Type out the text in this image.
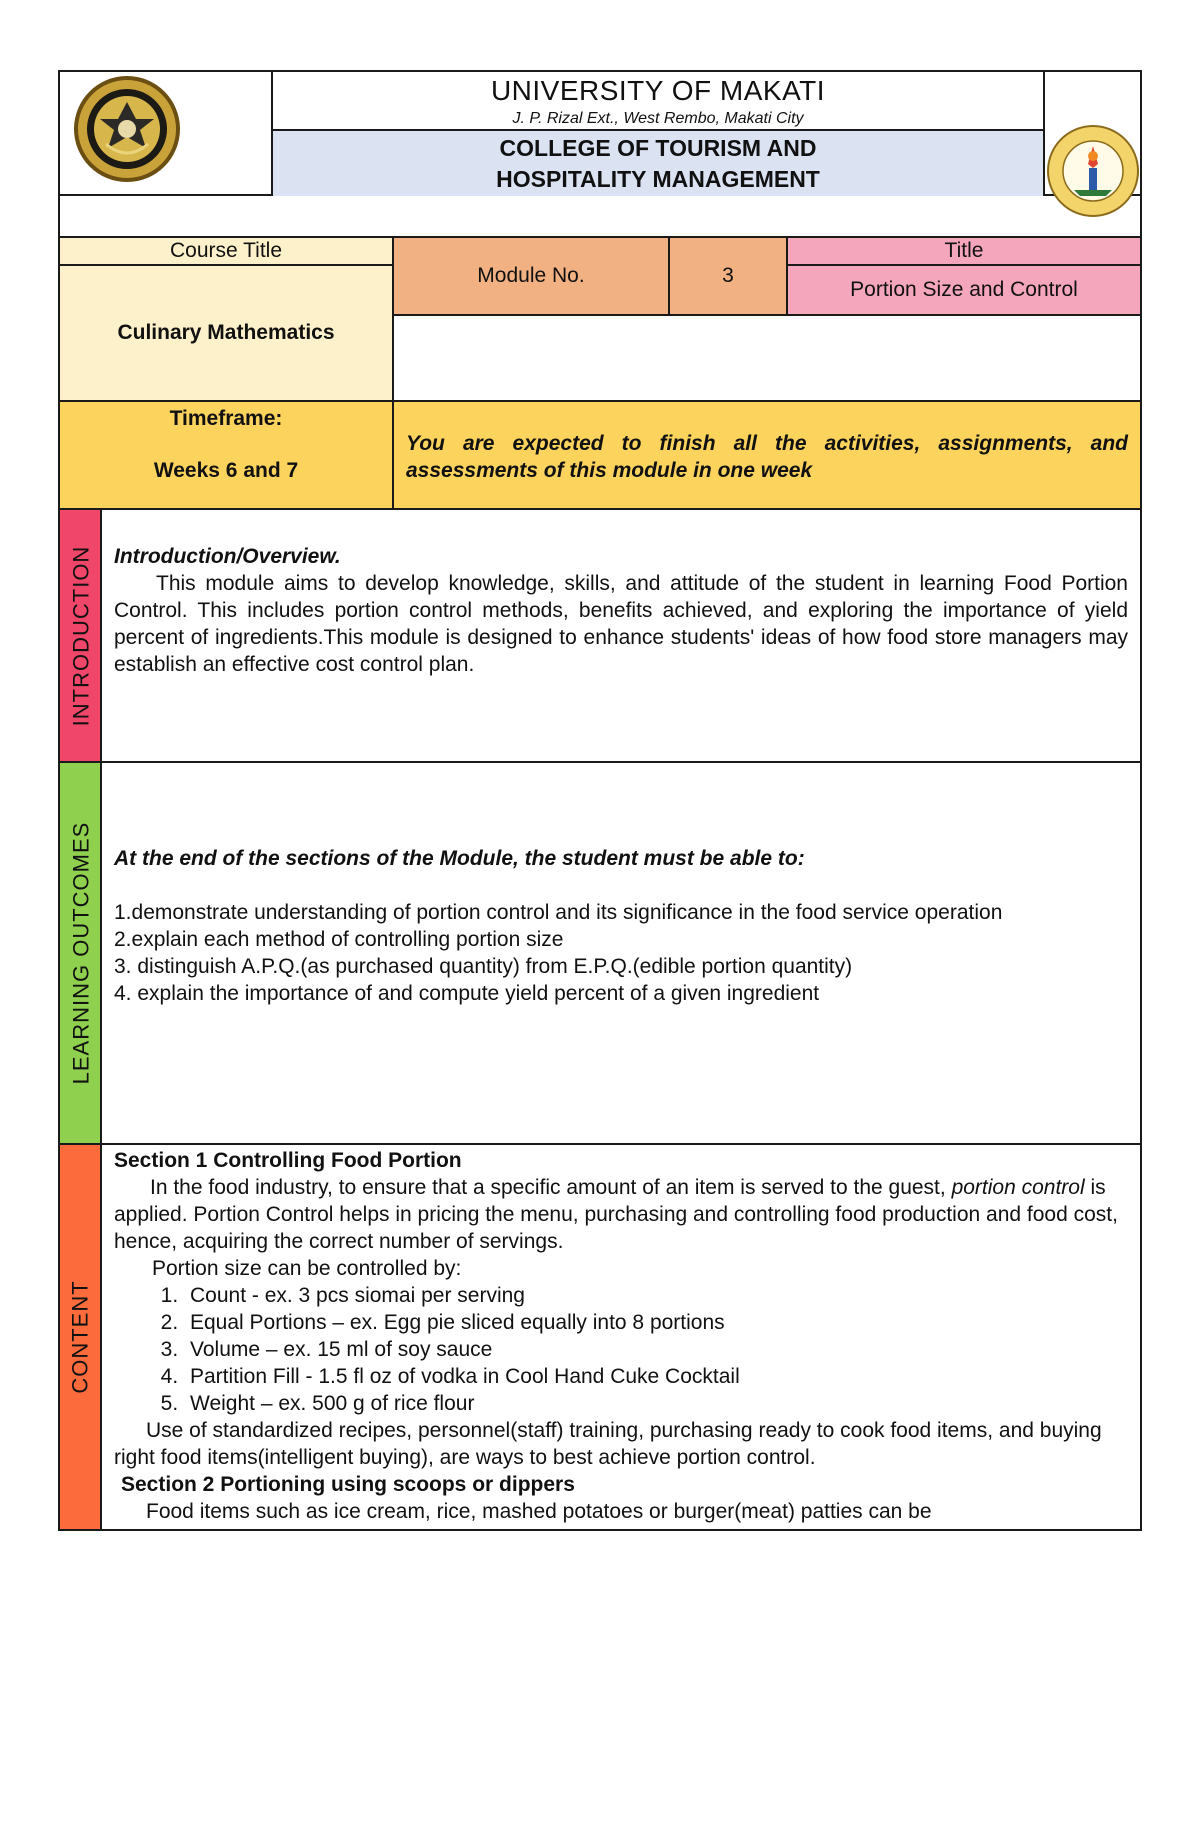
UNIVERSITY OF MAKATI
J. P. Rizal Ext., West Rembo, Makati City
COLLEGE OF TOURISM AND HOSPITALITY MANAGEMENT
Course Title
Culinary Mathematics
Module No.	3
Title
Portion Size and Control
Timeframe:
Weeks 6 and 7
You are expected to finish all the activities, assignments, and assessments of this module in one week
INTRODUCTION Introduction/Overview.

This module aims to develop knowledge, skills, and attitude of the student in learning Food Portion Control. This includes portion control methods, benefits achieved, and exploring the importance of yield percent of ingredients.This module is designed to enhance students' ideas of how food store managers may establish an effective cost control plan.

LEARNING OUTCOMES At the end of the sections of the Module, the student must be able to:

1.demonstrate understanding of portion control and its significance in the food service operation

2.explain each method of controlling portion size

3. distinguish A.P.Q.(as purchased quantity) from E.P.Q.(edible portion quantity)

4. explain the importance of and compute yield percent of a given ingredient

CONTENT

Section 1 Controlling Food Portion

In the food industry, to ensure that a specific amount of an item is served to the guest, portion control is applied. Portion Control helps in pricing the menu, purchasing and controlling food production and food cost, hence, acquiring the correct number of servings.

Portion size can be controlled by:

1. Count - ex. 3 pcs siomai per serving
2. Equal Portions – ex. Egg pie sliced equally into 8 portions
3. Volume – ex. 15 ml of soy sauce
4. Partition Fill - 1.5 fl oz of vodka in Cool Hand Cuke Cocktail
5. Weight – ex. 500 g of rice flour

Use of standardized recipes, personnel(staff) training, purchasing ready to cook food items, and buying right food items(intelligent buying), are ways to best achieve portion control.

Section 2 Portioning using scoops or dippers

Food items such as ice cream, rice, mashed potatoes or burger(meat) patties can be
